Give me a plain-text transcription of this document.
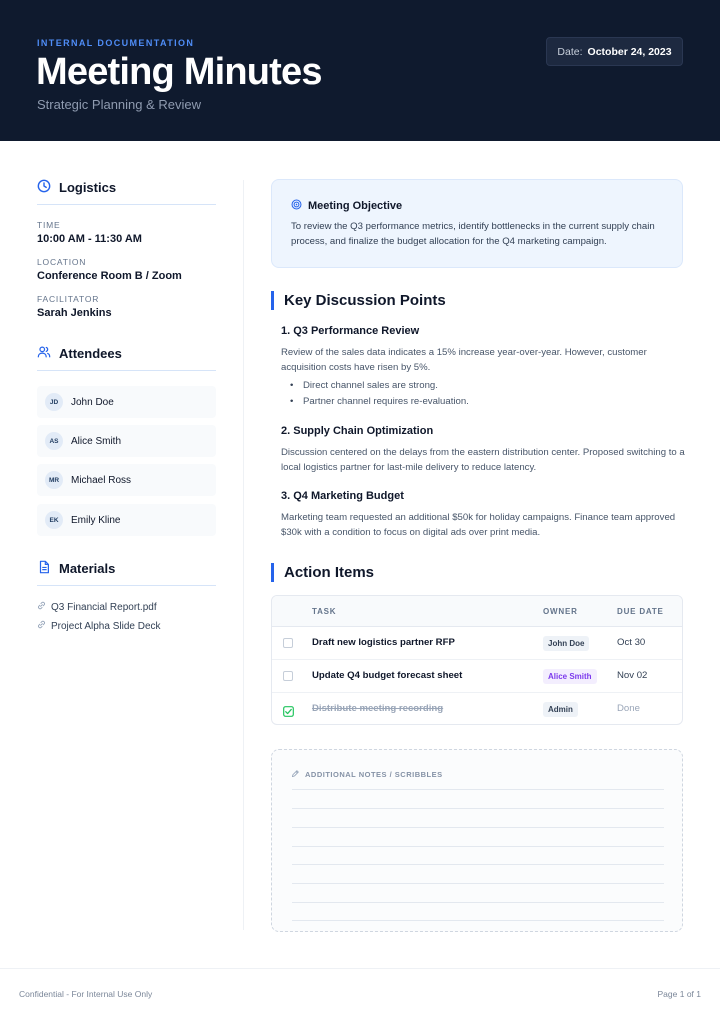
INTERNAL DOCUMENTATION
Meeting Minutes
Strategic Planning & Review
Date: October 24, 2023
Logistics
TIME
10:00 AM - 11:30 AM
LOCATION
Conference Room B / Zoom
FACILITATOR
Sarah Jenkins
Attendees
JD	John Doe
AS	Alice Smith
MR	Michael Ross
EK	Emily Kline
Materials
Q3 Financial Report.pdf
Project Alpha Slide Deck
Meeting Objective
To review the Q3 performance metrics, identify bottlenecks in the current supply chain process, and finalize the budget allocation for the Q4 marketing campaign.
Key Discussion Points
1. Q3 Performance Review
Review of the sales data indicates a 15% increase year-over-year. However, customer acquisition costs have risen by 5%.
• Direct channel sales are strong.
• Partner channel requires re-evaluation.
2. Supply Chain Optimization
Discussion centered on the delays from the eastern distribution center. Proposed switching to a local logistics partner for last-mile delivery to reduce latency.
3. Q4 Marketing Budget
Marketing team requested an additional $50k for holiday campaigns. Finance team approved $30k with a condition to focus on digital ads over print media.
Action Items
TASK	OWNER	DUE DATE
Draft new logistics partner RFP	John Doe	Oct 30
Update Q4 budget forecast sheet	Alice Smith	Nov 02
Distribute meeting recording	Admin	Done
ADDITIONAL NOTES / SCRIBBLES
Confidential - For Internal Use Only	Page 1 of 1
